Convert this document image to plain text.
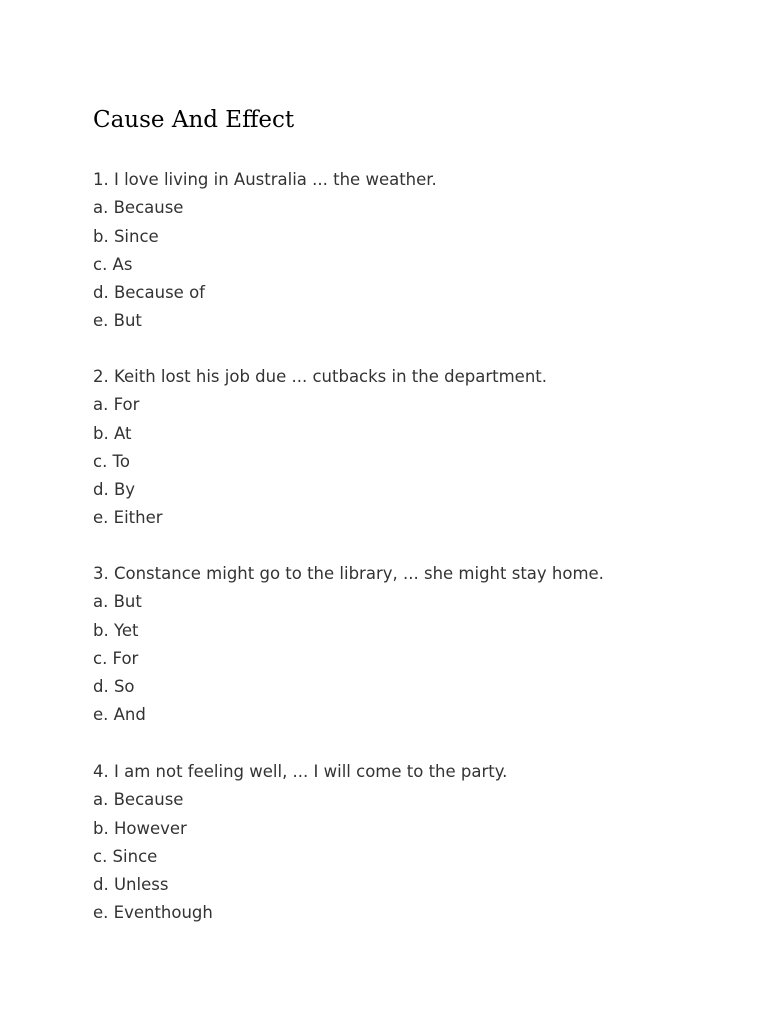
Cause And Effect
1. I love living in Australia ... the weather.
a. Because
b. Since
c. As
d. Because of
e. But
2. Keith lost his job due ... cutbacks in the department.
a. For
b. At
c. To
d. By
e. Either
3. Constance might go to the library, ... she might stay home.
a. But
b. Yet
c. For
d. So
e. And
4. I am not feeling well, ... I will come to the party.
a. Because
b. However
c. Since
d. Unless
e. Eventhough
